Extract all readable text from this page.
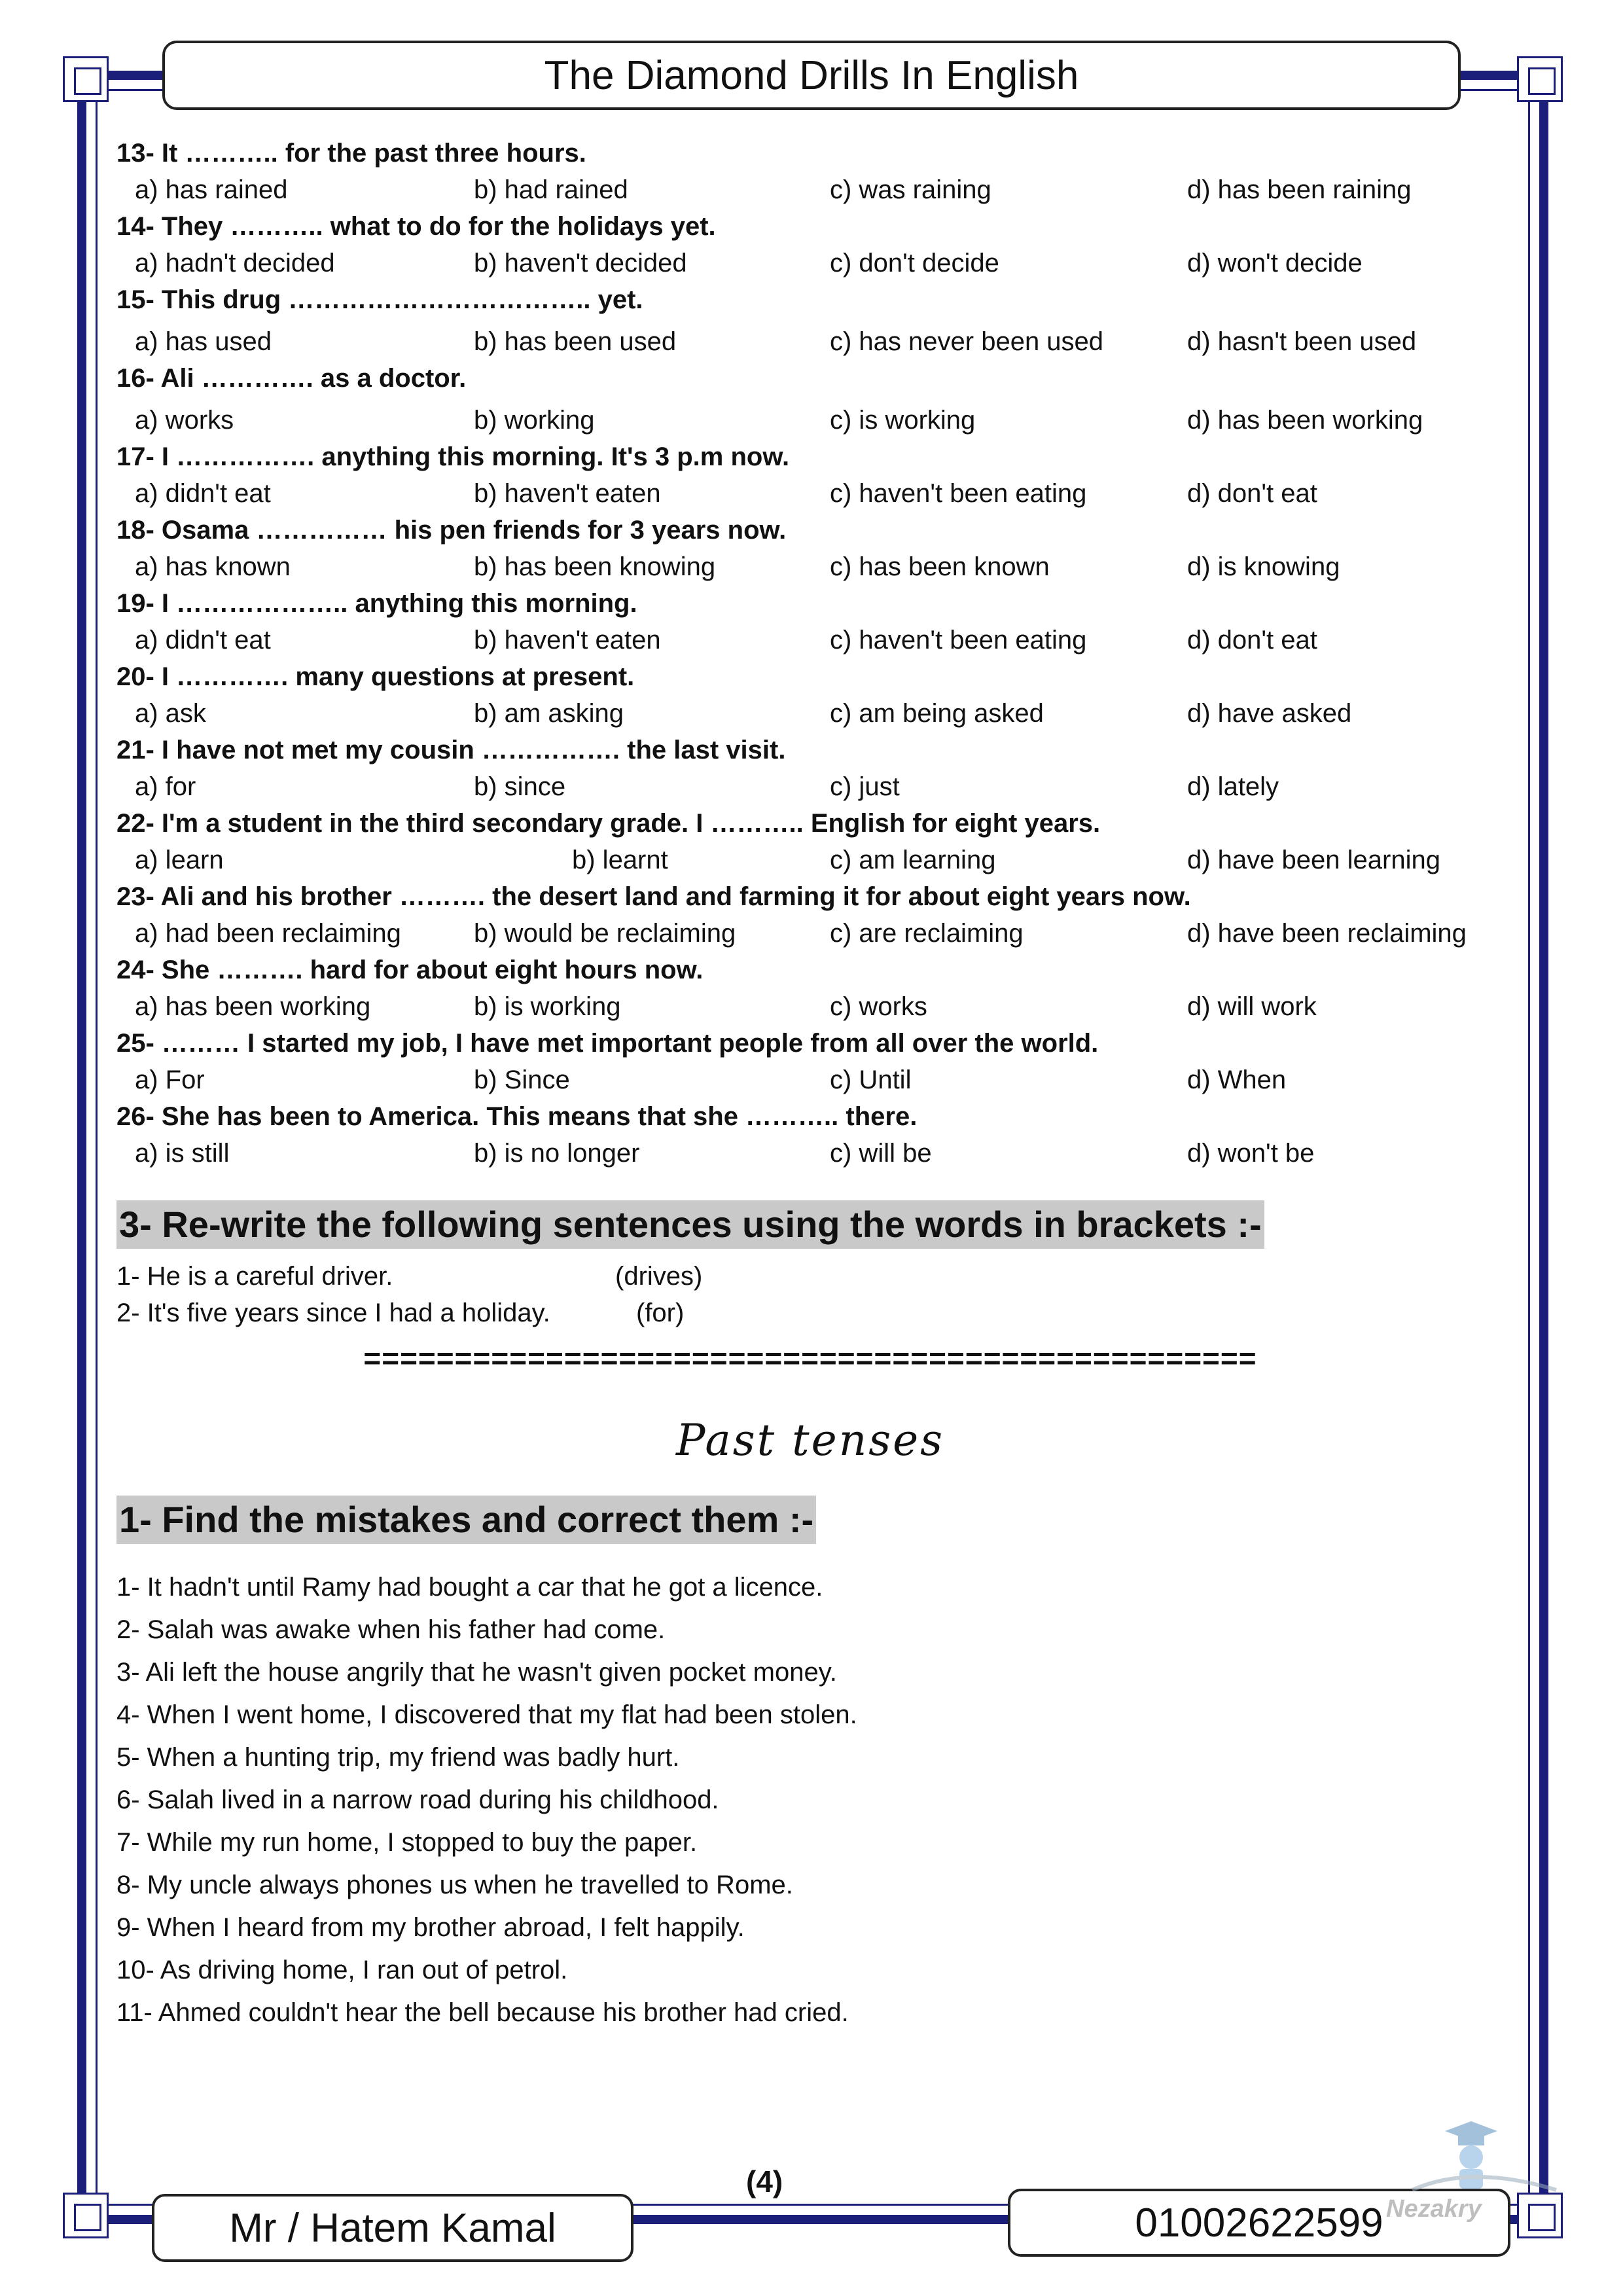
The Diamond Drills In English
13- It ……….. for the past three hours.
a) has rained	b) had rained	c) was raining	d) has been raining
14- They ……….. what to do for the holidays yet.
a) hadn't decided	b) haven't decided	c) don't decide	d) won't decide
15- This drug …………………………….. yet.
a) has used	b) has been used	c) has never been used	d) hasn't been used
16- Ali …………. as a doctor.
a) works	b) working	c) is working	d) has been working
17- I ……………. anything this morning. It's 3 p.m now.
a) didn't eat	b) haven't eaten	c) haven't been eating	d) don't eat
18- Osama …………… his pen friends for 3 years now.
a) has known	b) has been knowing	c) has been known	d) is knowing
19- I ……………….. anything this morning.
a) didn't eat	b) haven't eaten	c) haven't been eating	d) don't eat
20- I …………. many questions at present.
a) ask	b) am asking	c) am being asked	d) have asked
21- I have not met my cousin ……………. the last visit.
a) for	b) since	c) just	d) lately
22- I'm a student in the third secondary grade. I ……….. English for eight years.
a) learn	b) learnt	c) am learning	d) have been learning
23- Ali and his brother ………. the desert land and farming it for about eight years now.
a) had been reclaiming	b) would be reclaiming	c) are reclaiming	d) have been reclaiming
24- She ………. hard for about eight hours now.
a) has been working	b) is working	c) works	d) will work
25- ……… I started my job, I have met important people from all over the world.
a) For	b) Since	c) Until	d) When
26- She has been to America. This means that she ……….. there.
a) is still	b) is no longer	c) will be	d) won't be
3- Re-write the following sentences using the words in brackets :-
1- He is a careful driver.	(drives)
2- It's five years since I had a holiday.	(for)
=================================================
Past tenses
1- Find the mistakes and correct them :-
1- It hadn't until Ramy had bought a car that he got a licence.
2- Salah was awake when his father had come.
3- Ali left the house angrily that he wasn't given pocket money.
4- When I went home, I discovered that my flat had been stolen.
5- When a hunting trip, my friend was badly hurt.
6- Salah lived in a narrow road during his childhood.
7- While my run home, I stopped to buy the paper.
8- My uncle always phones us when he travelled to Rome.
9- When I heard from my brother abroad, I felt happily.
10- As driving home, I ran out of petrol.
11- Ahmed couldn't hear the bell because his brother had cried.
(4)
Mr / Hatem Kamal	01002622599 Nezakry
